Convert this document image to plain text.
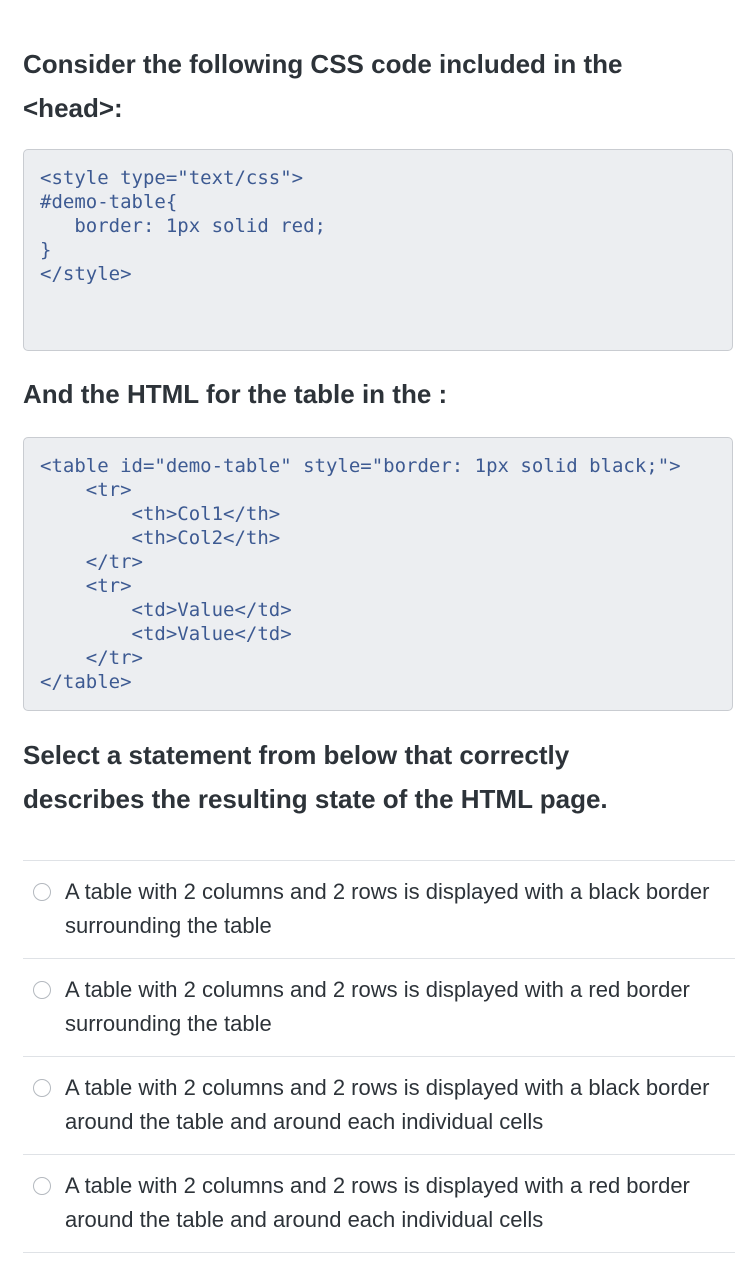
Consider the following CSS code included in the
<head>:

<style type="text/css">
#demo-table{
border: 1px solid red;
}
</style>

And the HTML for the table in the :

<table id="demo-table" style="border: 1px solid black;">
<tr>
<th>Col1</th>
<th>Col2</th>
</tr>
<tr>
<td>Value</td>
<td>Value</td>
</tr>
</table>

Select a statement from below that correctly
describes the resulting state of the HTML page.

A table with 2 columns and 2 rows is displayed with a black border surrounding the table
A table with 2 columns and 2 rows is displayed with a red border surrounding the table
A table with 2 columns and 2 rows is displayed with a black border around the table and around each individual cells
A table with 2 columns and 2 rows is displayed with a red border around the table and around each individual cells
